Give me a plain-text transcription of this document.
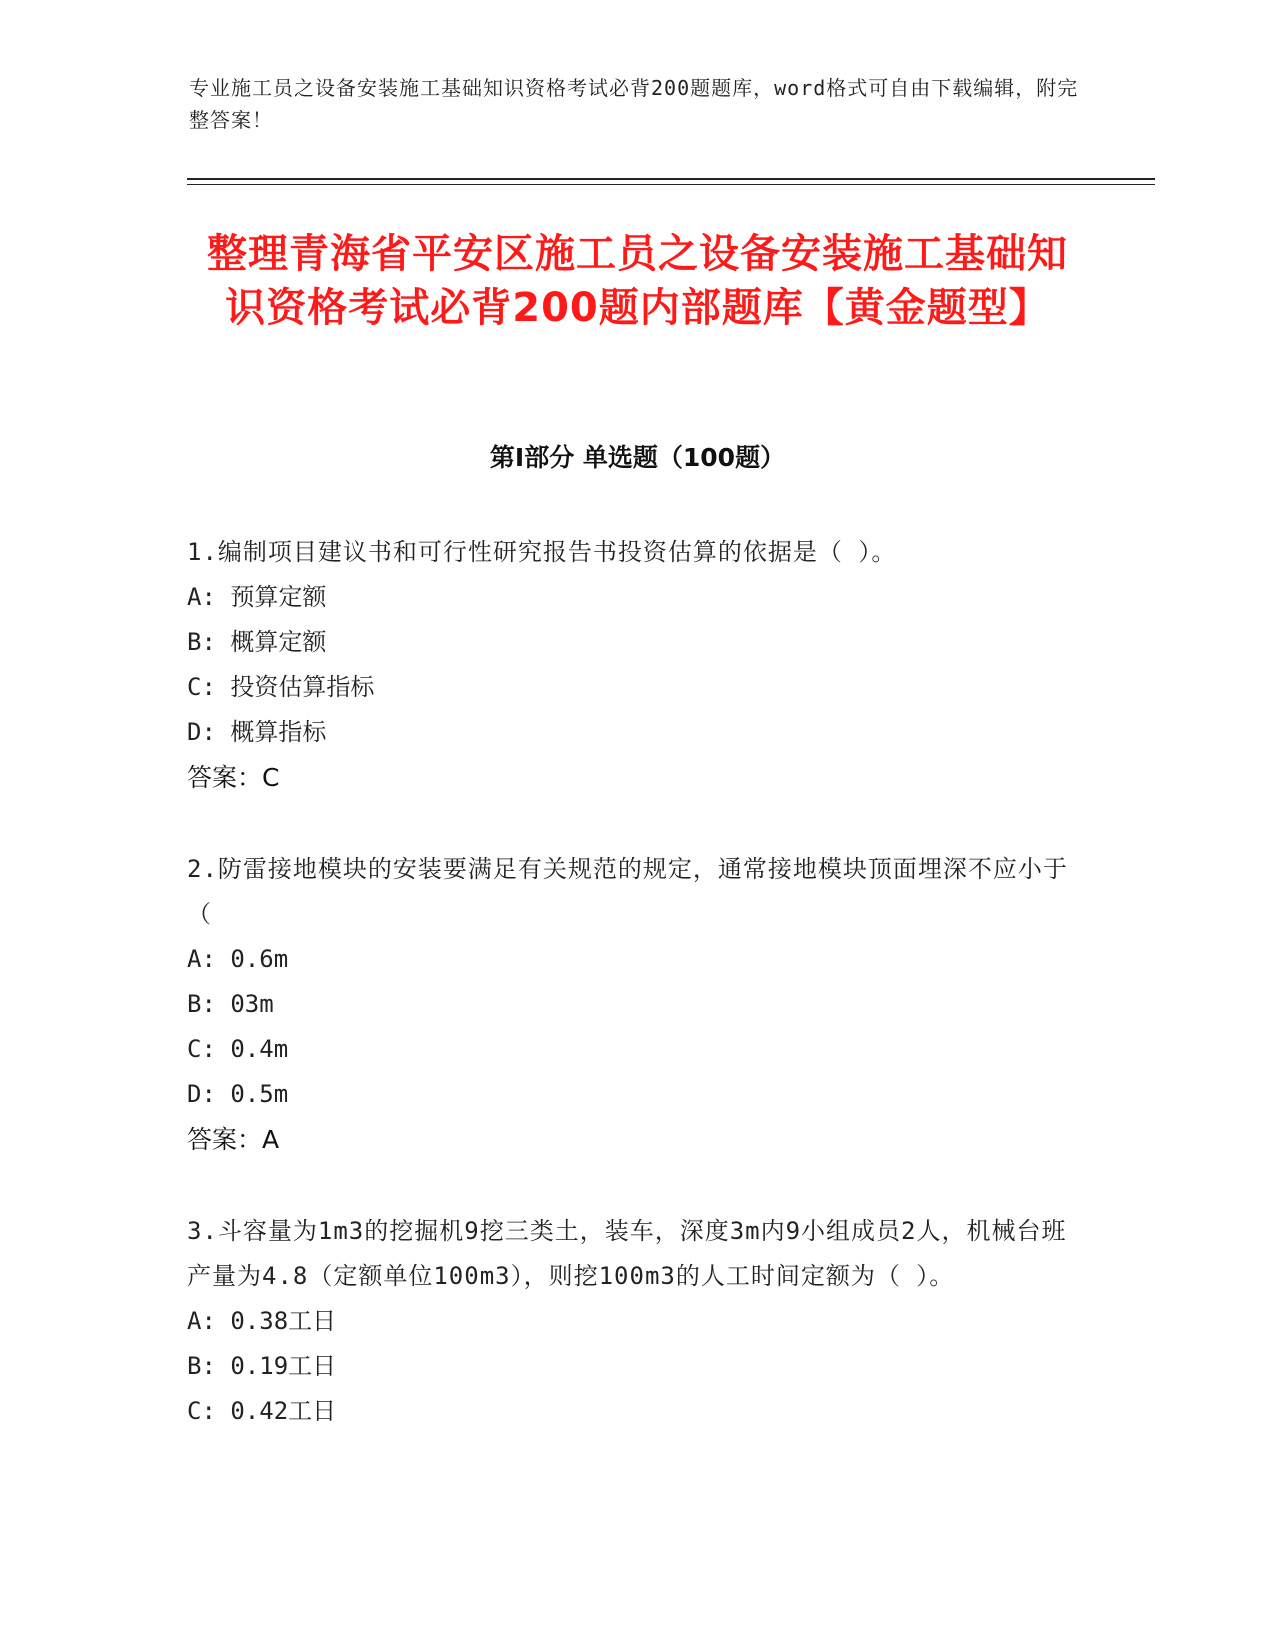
专业施工员之设备安装施工基础知识资格考试必背200题题库，word格式可自由下载编辑，附完整答案！
整理青海省平安区施工员之设备安装施工基础知识资格考试必背200题内部题库【黄金题型】
第I部分 单选题（100题）
1.编制项目建议书和可行性研究报告书投资估算的依据是（ ）。
A: 预算定额
B: 概算定额
C: 投资估算指标
D: 概算指标
答案：C
2.防雷接地模块的安装要满足有关规范的规定，通常接地模块顶面埋深不应小于（
A: 0.6m
B: 03m
C: 0.4m
D: 0.5m
答案：A
3.斗容量为1m3的挖掘机9挖三类土，装车，深度3m内9小组成员2人，机械台班产量为4.8（定额单位100m3），则挖100m3的人工时间定额为（ ）。
A: 0.38工日
B: 0.19工日
C: 0.42工日
